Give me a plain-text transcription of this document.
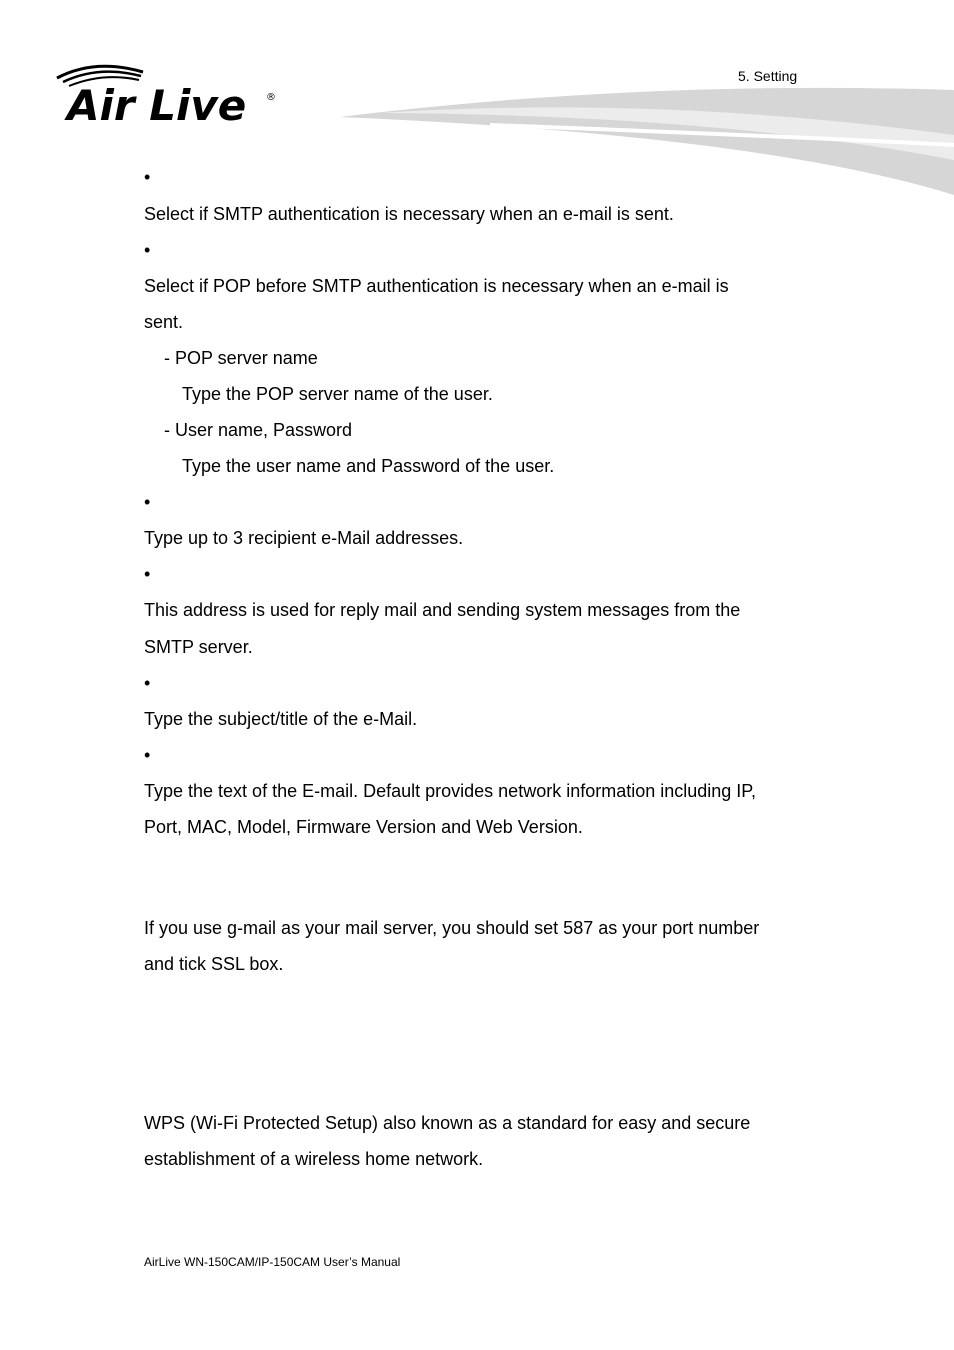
Air Live ®
5. Setting
•
Select if SMTP authentication is necessary when an e-mail is sent.
•
Select if POP before SMTP authentication is necessary when an e-mail is
sent.
- POP server name
Type the POP server name of the user.
- User name, Password
Type the user name and Password of the user.
•
Type up to 3 recipient e-Mail addresses.
•
This address is used for reply mail and sending system messages from the
SMTP server.
•
Type the subject/title of the e-Mail.
•
Type the text of the E-mail. Default provides network information including IP,
Port, MAC, Model, Firmware Version and Web Version.
If you use g-mail as your mail server, you should set 587 as your port number
and tick SSL box.
WPS (Wi-Fi Protected Setup) also known as a standard for easy and secure
establishment of a wireless home network.
AirLive WN-150CAM/IP-150CAM User’s Manual
